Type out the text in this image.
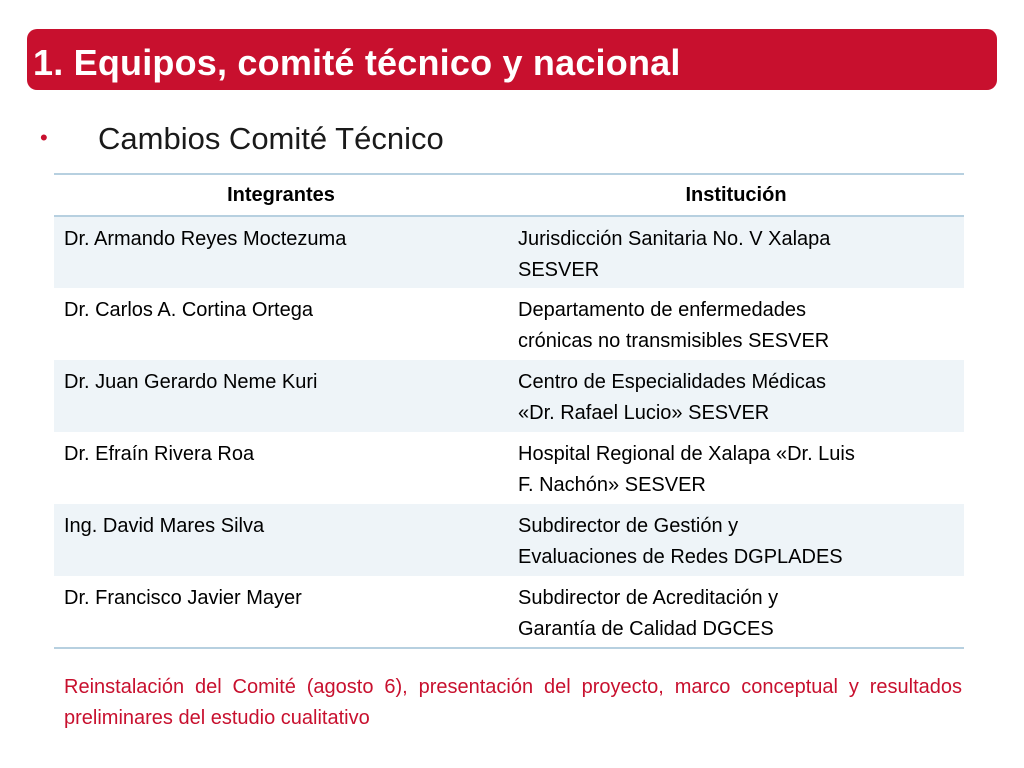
1. Equipos, comité técnico y nacional
•	Cambios Comité Técnico
Integrantes	Institución
Dr. Armando Reyes Moctezuma	Jurisdicción Sanitaria No. V Xalapa
SESVER
Dr. Carlos A. Cortina Ortega	Departamento de enfermedades
crónicas no transmisibles SESVER
Dr. Juan Gerardo Neme Kuri	Centro de Especialidades Médicas
«Dr. Rafael Lucio» SESVER
Dr. Efraín Rivera Roa	Hospital Regional de Xalapa «Dr. Luis
F. Nachón» SESVER
Ing. David Mares Silva	Subdirector de Gestión y
Evaluaciones de Redes DGPLADES
Dr. Francisco Javier Mayer	Subdirector de Acreditación y
Garantía de Calidad DGCES
Reinstalación del Comité (agosto 6), presentación del proyecto, marco conceptual y resultados preliminares del estudio cualitativo
